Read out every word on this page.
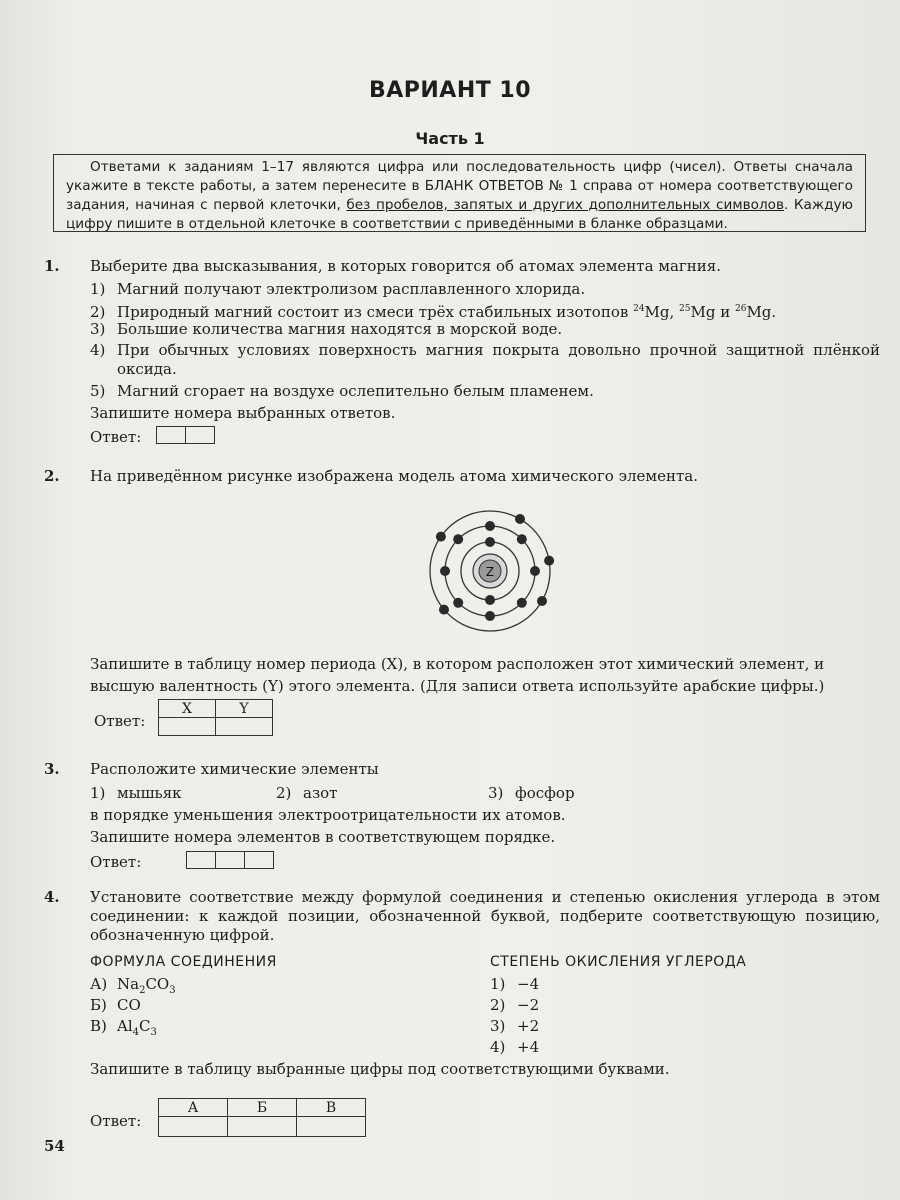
ВАРИАНТ 10
Часть 1
Ответами к заданиям 1–17 являются цифра или последовательность цифр (чисел). Ответы сначала укажите в тексте работы, а затем перенесите в БЛАНК ОТВЕТОВ № 1 справа от номера соответствующего задания, начиная с первой клеточки, без пробелов, запятых и других дополнительных символов. Каждую цифру пишите в отдельной клеточке в соответствии с приведёнными в бланке образцами.
1. Выберите два высказывания, в которых говорится об атомах элемента магния.
1) Магний получают электролизом расплавленного хлорида.
2) Природный магний состоит из смеси трёх стабильных изотопов $^{24}$Mg, $^{25}$Mg и $^{26}$Mg.
3) Большие количества магния находятся в морской воде.
4) При обычных условиях поверхность магния покрыта довольно прочной защитной плёнкой оксида.
5) Магний сгорает на воздухе ослепительно белым пламенем.
Запишите номера выбранных ответов.
Ответ:

2. На приведённом рисунке изображена модель атома химического элемента.
Z
Запишите в таблицу номер периода (X), в котором расположен этот химический элемент, и
высшую валентность (Y) этого элемента. (Для записи ответа используйте арабские цифры.)
Ответ:
X	Y

3. Расположите химические элементы
1) мышьяк	2) азот	3) фосфор
в порядке уменьшения электроотрицательности их атомов.
Запишите номера элементов в соответствующем порядке.
Ответ:

4. Установите соответствие между формулой соединения и степенью окисления углерода в этом соединении: к каждой позиции, обозначенной буквой, подберите соответствующую позицию, обозначенную цифрой.
ФОРМУЛА СОЕДИНЕНИЯ	СТЕПЕНЬ ОКИСЛЕНИЯ УГЛЕРОДА
А) $Na_2CO_3$
Б) CO
В) $Al_4C_3$
1) −4
2) −2
3) +2
4) +4
Запишите в таблицу выбранные цифры под соответствующими буквами.
Ответ:
А	Б	В

54
